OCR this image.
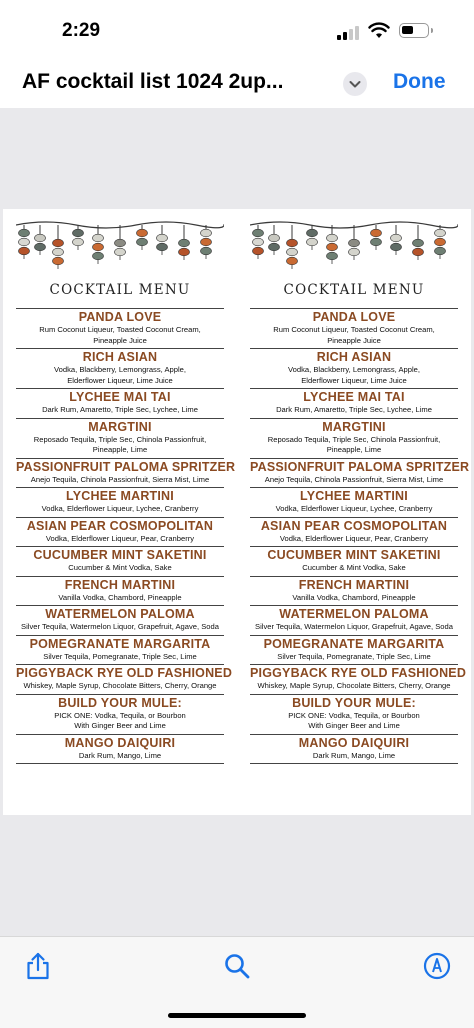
2:29
AF cocktail list 1024 2up...	Done
COCKTAIL MENU
PANDA LOVE
Rum Coconut Liqueur, Toasted Coconut Cream,
Pineapple Juice
RICH ASIAN
Vodka, Blackberry, Lemongrass, Apple,
Elderflower Liqueur, Lime Juice
LYCHEE MAI TAI
Dark Rum, Amaretto, Triple Sec, Lychee, Lime
MARGTINI
Reposado Tequila, Triple Sec, Chinola Passionfruit,
Pineapple, Lime
PASSIONFRUIT PALOMA SPRITZER
Anejo Tequila, Chinola Passionfruit, Sierra Mist, Lime
LYCHEE MARTINI
Vodka, Elderflower Liqueur, Lychee, Cranberry
ASIAN PEAR COSMOPOLITAN
Vodka, Elderflower Liqueur, Pear, Cranberry
CUCUMBER MINT SAKETINI
Cucumber & Mint Vodka, Sake
FRENCH MARTINI
Vanilla Vodka, Chambord, Pineapple
WATERMELON PALOMA
Silver Tequila, Watermelon Liquor, Grapefruit, Agave, Soda
POMEGRANATE MARGARITA
Silver Tequila, Pomegranate, Triple Sec, Lime
PIGGYBACK RYE OLD FASHIONED
Whiskey, Maple Syrup, Chocolate Bitters, Cherry, Orange
BUILD YOUR MULE:
PICK ONE: Vodka, Tequila, or Bourbon
With Ginger Beer and Lime
MANGO DAIQUIRI
Dark Rum, Mango, Lime
COCKTAIL MENU
PANDA LOVE
Rum Coconut Liqueur, Toasted Coconut Cream,
Pineapple Juice
RICH ASIAN
Vodka, Blackberry, Lemongrass, Apple,
Elderflower Liqueur, Lime Juice
LYCHEE MAI TAI
Dark Rum, Amaretto, Triple Sec, Lychee, Lime
MARGTINI
Reposado Tequila, Triple Sec, Chinola Passionfruit,
Pineapple, Lime
PASSIONFRUIT PALOMA SPRITZER
Anejo Tequila, Chinola Passionfruit, Sierra Mist, Lime
LYCHEE MARTINI
Vodka, Elderflower Liqueur, Lychee, Cranberry
ASIAN PEAR COSMOPOLITAN
Vodka, Elderflower Liqueur, Pear, Cranberry
CUCUMBER MINT SAKETINI
Cucumber & Mint Vodka, Sake
FRENCH MARTINI
Vanilla Vodka, Chambord, Pineapple
WATERMELON PALOMA
Silver Tequila, Watermelon Liquor, Grapefruit, Agave, Soda
POMEGRANATE MARGARITA
Silver Tequila, Pomegranate, Triple Sec, Lime
PIGGYBACK RYE OLD FASHIONED
Whiskey, Maple Syrup, Chocolate Bitters, Cherry, Orange
BUILD YOUR MULE:
PICK ONE: Vodka, Tequila, or Bourbon
With Ginger Beer and Lime
MANGO DAIQUIRI
Dark Rum, Mango, Lime
